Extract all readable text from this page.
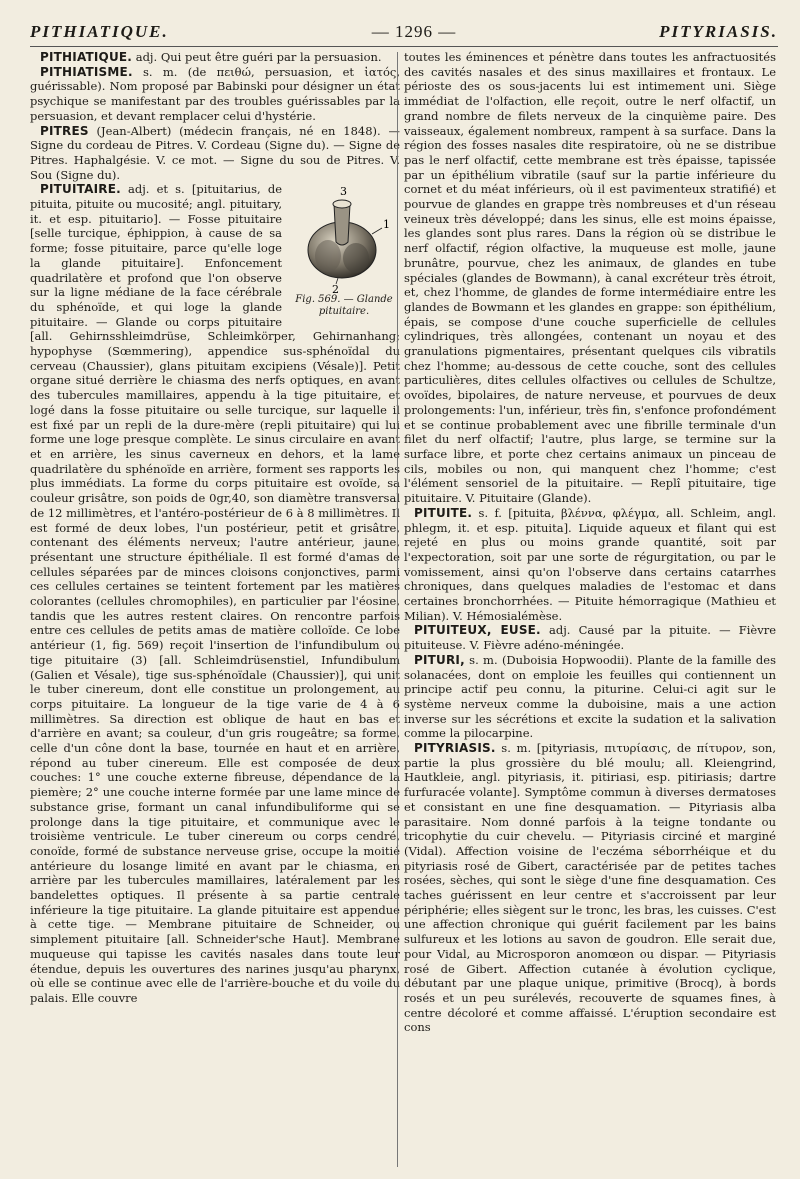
PITHIATIQUE.	— 1296 —	PITYRIASIS.

PITHIATIQUE. adj. Qui peut être guéri par la persuasion.

PITHIATISME. s. m. (de πειθώ, persuasion, et ἰατός, guérissable). Nom proposé par Babinski pour désigner un état psychique se manifestant par des troubles guérissables par la persuasion, et devant remplacer celui d'hystérie.

PITRES (Jean-Albert) (médecin français, né en 1848). — Signe du cordeau de Pitres. V. Cordeau (Signe du). — Signe de Pitres. Haphalgésie. V. ce mot. — Signe du sou de Pitres. V. Sou (Signe du).

3
1
2
Fig. 569. — Glande pituitaire.

PITUITAIRE. adj. et s. [pituitarius, de pituita, pituite ou mucosité; angl. pituitary, it. et esp. pituitario]. — Fosse pituitaire [selle turcique, éphippion, à cause de sa forme; fosse pituitaire, parce qu'elle loge la glande pituitaire]. Enfoncement quadrilatère et profond que l'on observe sur la ligne médiane de la face cérébrale du sphénoïde, et qui loge la glande pituitaire. — Glande ou corps pituitaire [all. Gehirnsshleimdrüse, Schleimkörper, Gehirnanhang; hypophyse (Sœmmering), appendice sus-sphénoïdal du cerveau (Chaussier), glans pituitam excipiens (Vésale)]. Petit organe situé derrière le chiasma des nerfs optiques, en avant des tubercules mamillaires, appendu à la tige pituitaire, et logé dans la fosse pituitaire ou selle turcique, sur laquelle il est fixé par un repli de la dure-mère (repli pituitaire) qui lui forme une loge presque complète. Le sinus circulaire en avant et en arrière, les sinus caverneux en dehors, et la lame quadrilatère du sphénoïde en arrière, forment ses rapports les plus immédiats. La forme du corps pituitaire est ovoïde, sa couleur grisâtre, son poids de 0gr,40, son diamètre transversal de 12 millimètres, et l'antéro-postérieur de 6 à 8 millimètres. Il est formé de deux lobes, l'un postérieur, petit et grisâtre, contenant des éléments nerveux; l'autre antérieur, jaune, présentant une structure épithéliale. Il est formé d'amas de cellules séparées par de minces cloisons conjonctives, parmi ces cellules certaines se teintent fortement par les matières colorantes (cellules chromophiles), en particulier par l'éosine, tandis que les autres restent claires. On rencontre parfois entre ces cellules de petits amas de matière colloïde. Ce lobe antérieur (1, fig. 569) reçoit l'insertion de l'infundibulum ou tige pituitaire (3) [all. Schleimdrüsenstiel, Infundibulum (Galien et Vésale), tige sus-sphénoïdale (Chaussier)], qui unit le tuber cinereum, dont elle constitue un prolongement, au corps pituitaire. La longueur de la tige varie de 4 à 6 millimètres. Sa direction est oblique de haut en bas et d'arrière en avant; sa couleur, d'un gris rougeâtre; sa forme, celle d'un cône dont la base, tournée en haut et en arrière, répond au tuber cinereum. Elle est composée de deux couches: 1° une couche externe fibreuse, dépendance de la piemère; 2° une couche interne formée par une lame mince de substance grise, formant un canal infundibuliforme qui se prolonge dans la tige pituitaire, et communique avec le troisième ventricule. Le tuber cinereum ou corps cendré, conoïde, formé de substance nerveuse grise, occupe la moitié antérieure du losange limité en avant par le chiasma, en arrière par les tubercules mamillaires, latéralement par les bandelettes optiques. Il présente à sa partie centrale inférieure la tige pituitaire. La glande pituitaire est appendue à cette tige. — Membrane pituitaire de Schneider, ou simplement pituitaire [all. Schneider'sche Haut]. Membrane muqueuse qui tapisse les cavités nasales dans toute leur étendue, depuis les ouvertures des narines jusqu'au pharynx, où elle se continue avec elle de l'arrière-bouche et du voile du palais. Elle couvre

toutes les éminences et pénètre dans toutes les anfractuosités des cavités nasales et des sinus maxillaires et frontaux. Le périoste des os sous-jacents lui est intimement uni. Siège immédiat de l'olfaction, elle reçoit, outre le nerf olfactif, un grand nombre de filets nerveux de la cinquième paire. Des vaisseaux, également nombreux, rampent à sa surface. Dans la région des fosses nasales dite respiratoire, où ne se distribue pas le nerf olfactif, cette membrane est très épaisse, tapissée par un épithélium vibratile (sauf sur la partie inférieure du cornet et du méat inférieurs, où il est pavimenteux stratifié) et pourvue de glandes en grappe très nombreuses et d'un réseau veineux très développé; dans les sinus, elle est moins épaisse, les glandes sont plus rares. Dans la région où se distribue le nerf olfactif, région olfactive, la muqueuse est molle, jaune brunâtre, pourvue, chez les animaux, de glandes en tube spéciales (glandes de Bowmann), à canal excréteur très étroit, et, chez l'homme, de glandes de forme intermédiaire entre les glandes de Bowmann et les glandes en grappe: son épithélium, épais, se compose d'une couche superficielle de cellules cylindriques, très allongées, contenant un noyau et des granulations pigmentaires, présentant quelques cils vibratils chez l'homme; au-dessous de cette couche, sont des cellules particulières, dites cellules olfactives ou cellules de Schultze, ovoïdes, bipolaires, de nature nerveuse, et pourvues de deux prolongements: l'un, inférieur, très fin, s'enfonce profondément et se continue probablement avec une fibrille terminale d'un filet du nerf olfactif; l'autre, plus large, se termine sur la surface libre, et porte chez certains animaux un pinceau de cils, mobiles ou non, qui manquent chez l'homme; c'est l'élément sensoriel de la pituitaire. — Replî pituitaire, tige pituitaire. V. Pituitaire (Glande).

PITUITE. s. f. [pituita, βλέννα, φλέγμα, all. Schleim, angl. phlegm, it. et esp. pituita]. Liquide aqueux et filant qui est rejeté en plus ou moins grande quantité, soit par l'expectoration, soit par une sorte de régurgitation, ou par le vomissement, ainsi qu'on l'observe dans certains catarrhes chroniques, dans quelques maladies de l'estomac et dans certaines bronchorrhées. — Pituite hémorragique (Mathieu et Milian). V. Hémosialémèse.

PITUITEUX, EUSE. adj. Causé par la pituite. — Fièvre pituiteuse. V. Fièvre adéno-méningée.

PITURI, s. m. (Duboisia Hopwoodii). Plante de la famille des solanacées, dont on emploie les feuilles qui contiennent un principe actif peu connu, la piturine. Celui-ci agit sur le système nerveux comme la duboisine, mais a une action inverse sur les sécrétions et excite la sudation et la salivation comme la pilocarpine.

PITYRIASIS. s. m. [pityriasis, πιτυρίασις, de πίτυρον, son, partie la plus grossière du blé moulu; all. Kleiengrind, Hautkleie, angl. pityriasis, it. pitiriasi, esp. pitiriasis; dartre furfuracée volante]. Symptôme commun à diverses dermatoses et consistant en une fine desquamation. — Pityriasis alba parasitaire. Nom donné parfois à la teigne tondante ou tricophytie du cuir chevelu. — Pityriasis circiné et marginé (Vidal). Affection voisine de l'eczéma séborrhéique et du pityriasis rosé de Gibert, caractérisée par de petites taches rosées, sèches, qui sont le siège d'une fine desquamation. Ces taches guérissent en leur centre et s'accroissent par leur périphérie; elles siègent sur le tronc, les bras, les cuisses. C'est une affection chronique qui guérit facilement par les bains sulfureux et les lotions au savon de goudron. Elle serait due, pour Vidal, au Microsporon anomœon ou dispar. — Pityriasis rosé de Gibert. Affection cutanée à évolution cyclique, débutant par une plaque unique, primitive (Brocq), à bords rosés et un peu surélevés, recouverte de squames fines, à centre décoloré et comme affaissé. L'éruption secondaire est cons
